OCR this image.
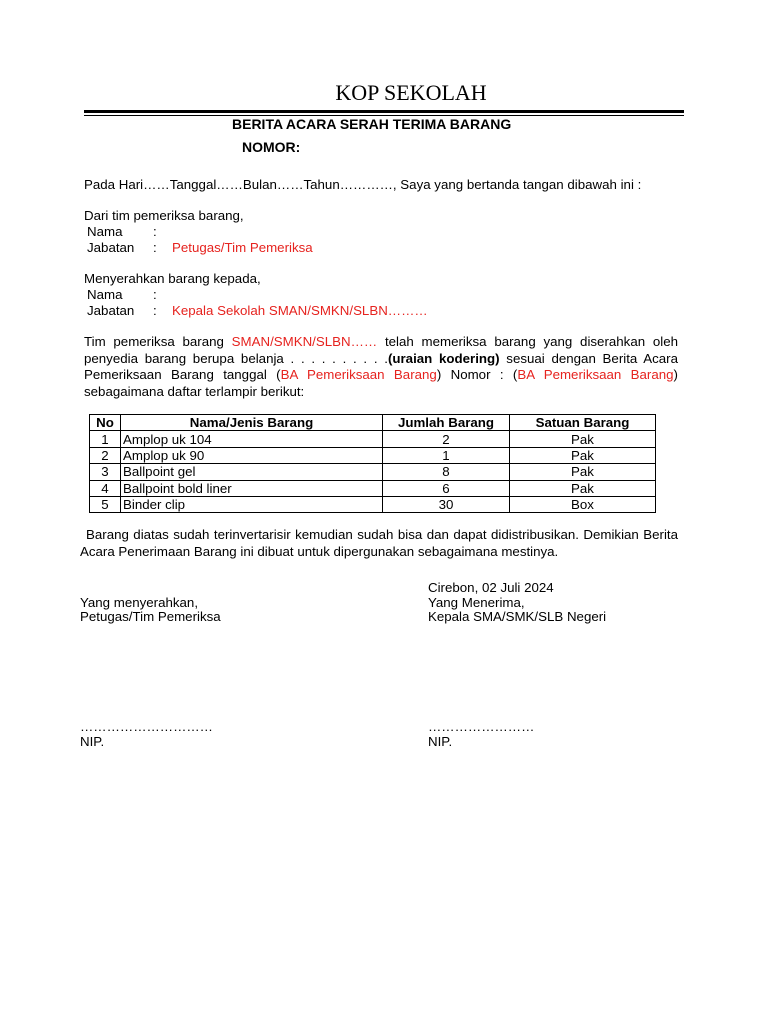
KOP SEKOLAH
BERITA ACARA SERAH TERIMA BARANG
NOMOR:
Pada Hari……Tanggal……Bulan……Tahun…………, Saya yang bertanda tangan dibawah ini :
Dari tim pemeriksa barang,
Nama :
Jabatan : Petugas/Tim Pemeriksa
Menyerahkan barang kepada,
Nama :
Jabatan : Kepala Sekolah SMAN/SMKN/SLBN………
Tim pemeriksa barang SMAN/SMKN/SLBN…… telah memeriksa barang yang diserahkan oleh penyedia barang berupa belanja . . . . . . . . . .(uraian kodering) sesuai dengan Berita Acara Pemeriksaan Barang tanggal (BA Pemeriksaan Barang) Nomor : (BA Pemeriksaan Barang) sebagaimana daftar terlampir berikut:
No	Nama/Jenis Barang	Jumlah Barang	Satuan Barang
1	Amplop uk 104	2	Pak
2	Amplop uk 90	1	Pak
3	Ballpoint gel	8	Pak
4	Ballpoint bold liner	6	Pak
5	Binder clip	30	Box
Barang diatas sudah terinvertarisir kemudian sudah bisa dan dapat didistribusikan. Demikian Berita Acara Penerimaan Barang ini dibuat untuk dipergunakan sebagaimana mestinya.
Cirebon, 02 Juli 2024
Yang menyerahkan,
Petugas/Tim Pemeriksa
Yang Menerima,
Kepala SMA/SMK/SLB Negeri
…………………………	……………………
NIP.	NIP.
